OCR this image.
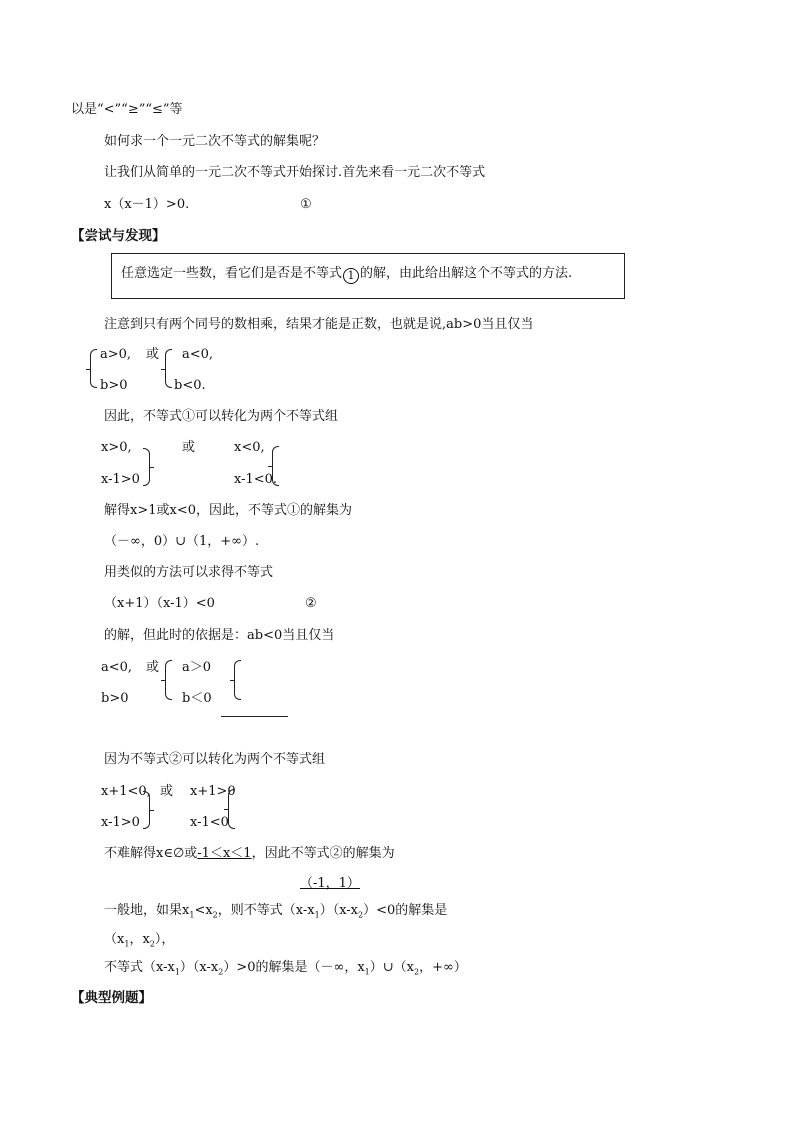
以是“<”“≥”“≤”等
如何求一个一元二次不等式的解集呢？
让我们从简单的一元二次不等式开始探讨.首先来看一元二次不等式
x（x－1）>0.	①
【尝试与发现】
任意选定一些数，看它们是否是不等式 1 的解，由此给出解这个不等式的方法.
注意到只有两个同号的数相乘，结果才能是正数，也就是说,ab>0当且仅当
a>0, 或
b>0
a<0,
b<0.
因此，不等式①可以转化为两个不等式组
x>0,	或
x-1>0
x<0,
x-1<0.
解得x>1或x<0，因此，不等式①的解集为
（－∞，0）∪（1，+∞）.
用类似的方法可以求得不等式
（x+1）（x-1）<0	②
的解，但此时的依据是：ab<0当且仅当
a<0, 或
b>0
a＞0
b＜0
因为不等式②可以转化为两个不等式组
x+1<0, 或
x-1>0
x+1>0
x-1<0
不难解得x∈∅或-1＜x＜1，因此不等式②的解集为
（-1，1）
一般地，如果$x_1<x_2$，则不等式$(x-x_1)(x-x_2)<0$的解集是
（$x_1$，$x_2$），
不等式$(x-x_1)(x-x_2)>0$的解集是（－∞，$x_1)\cup(x_2$，+∞）
【典型例题】
